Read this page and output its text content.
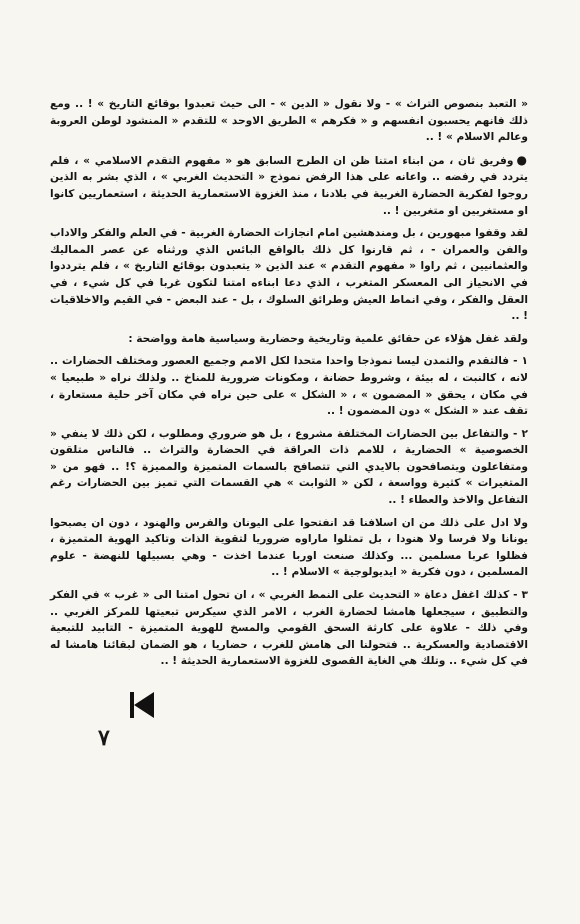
« التعبد بنصوص التراث » - ولا نقول « الدين » - الى حيث تعبدوا بوقائع التاريخ » ! .. ومع ذلك فانهم يحسبون انفسهم و « فكرهم » الطريق الاوحد » للتقدم « المنشود لوطن العروبة وعالم الاسلام » ! ..

●وفريق ثان ، من ابناء امتنا ظن ان الطرح السابق هو « مفهوم التقدم الاسلامي » ، فلم يتردد في رفضه .. واعانه على هذا الرفض نموذج « التحديث الغربي » ، الذي بشر به الذين روجوا لفكرية الحضارة الغربية في بلادنا ، منذ الغزوة الاستعمارية الحديثة ، استعماريين كانوا او مستغربين او متغربين ! ..

لقد وقفوا مبهورين ، بل ومندهشين امام انجازات الحضارة الغربية - في العلم والفكر والاداب والفن والعمران - ، ثم قارنوا كل ذلك بالواقع البائس الذي ورثناه عن عصر المماليك والعثمانيين ، ثم راوا « مفهوم التقدم » عند الذين « يتعبدون بوقائع التاريخ » ، فلم يترددوا في الانحياز الى المعسكر المتغرب ، الذي دعا ابناءه امتنا لتكون غربا في كل شيء ، في العقل والفكر ، وفي انماط العيش وطرائق السلوك ، بل - عند البعض - في القيم والاخلاقيات ! ..

ولقد غفل هؤلاء عن حقائق علمية وتاريخية وحضارية وسياسية هامة وواضحة :

١ - فالتقدم والتمدن ليسا نموذجا واحدا متحدا لكل الامم وجميع العصور ومختلف الحضارات .. لانه ، كالنبت ، له بيئة ، وشروط حضانة ، ومكونات ضرورية للمناخ .. ولذلك نراه « طبيعيا » في مكان ، يحقق « المضمون » ، « الشكل » على حين نراه في مكان آخر حلية مستعارة ، تقف عند « الشكل » دون المضمون ! ..

٢ - والتفاعل بين الحضارات المختلفة مشروع ، بل هو ضروري ومطلوب ، لكن ذلك لا ينفي « الخصوصية » الحضارية ، للامم ذات العراقة في الحضارة والتراث .. فالناس متلقون ومتفاعلون ويتصافحون بالايدي التي تتصافح بالسمات المتميزة والمميزة ؟! .. فهو من « المتغيرات » كثيرة وواسعة ، لكن « الثوابت » هي القسمات التي تميز بين الحضارات رغم التفاعل والاخذ والعطاء ! ..

ولا ادل على ذلك من ان اسلافنا قد انفتحوا على اليونان والفرس والهنود ، دون ان يصبحوا يونانا ولا فرسا ولا هنودا ، بل تمثلوا ماراوه ضروريا لتقوية الذات وتاكيد الهوية المتميزة ، فظلوا عربا مسلمين ... وكذلك صنعت اوربا عندما اخذت - وهي بسبيلها للنهضة - علوم المسلمين ، دون فكرية « ايديولوجية » الاسلام ! ..

٣ - كذلك اغفل دعاة « التحديث على النمط الغربي » ، ان تحول امتنا الى « غرب » في الفكر والتطبيق ، سيجعلها هامشا لحضارة الغرب ، الامر الذي سيكرس تبعيتها للمركز الغربي .. وفي ذلك - علاوة على كارثة السحق القومي والمسخ للهوية المتميزة - التابيد للتبعية الاقتصادية والعسكرية .. فتحولنا الى هامش للغرب ، حضاريا ، هو الضمان لبقائنا هامشا له في كل شيء .. وتلك هي الغاية القصوى للغزوة الاستعمارية الحديثة ! ..

٧
